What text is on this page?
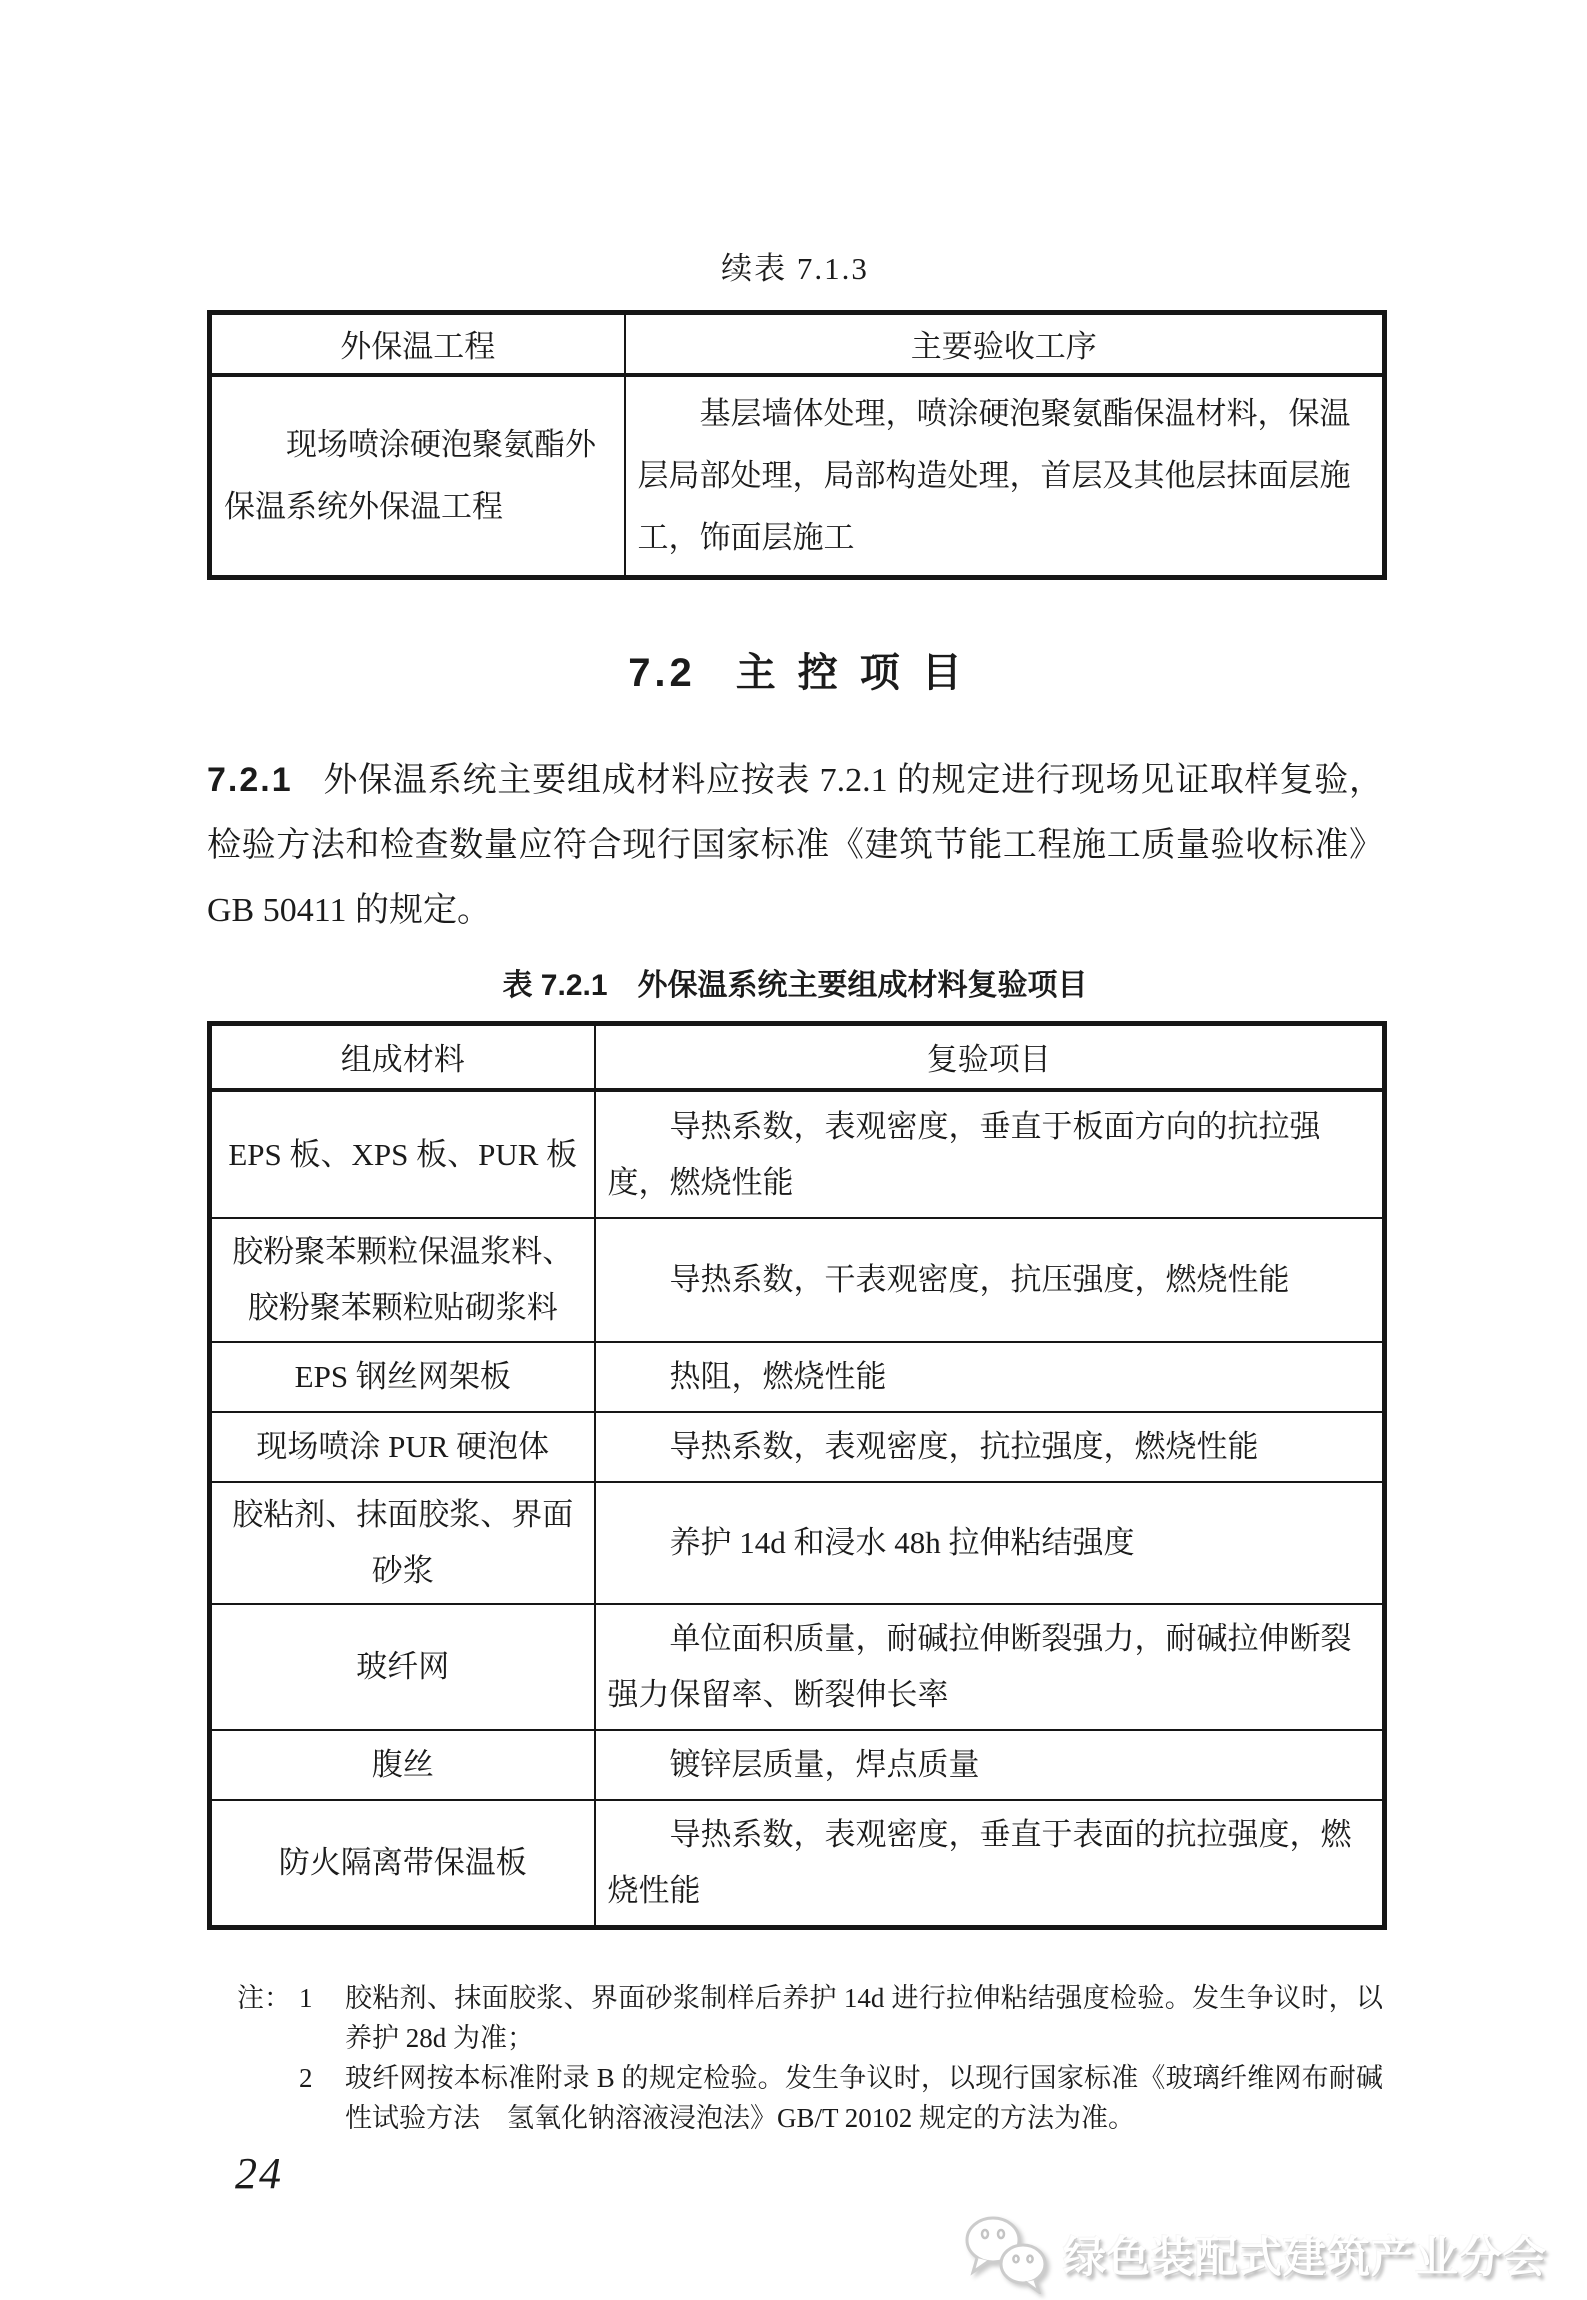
续表 7.1.3
外保温工程	主要验收工序
现场喷涂硬泡聚氨酯外保温系统外保温工程	基层墙体处理，喷涂硬泡聚氨酯保温材料，保温层局部处理，局部构造处理，首层及其他层抹面层施工，饰面层施工
7.2 主控项目

7.2.1 外保温系统主要组成材料应按表 7.2.1 的规定进行现场见证取样复验，检验方法和检查数量应符合现行国家标准《建筑节能工程施工质量验收标准》GB 50411 的规定。

表 7.2.1　外保温系统主要组成材料复验项目
组成材料	复验项目
EPS 板、XPS 板、PUR 板	导热系数，表观密度，垂直于板面方向的抗拉强度，燃烧性能
胶粉聚苯颗粒保温浆料、胶粉聚苯颗粒贴砌浆料	导热系数，干表观密度，抗压强度，燃烧性能
EPS 钢丝网架板	热阻，燃烧性能
现场喷涂 PUR 硬泡体	导热系数，表观密度，抗拉强度，燃烧性能
胶粘剂、抹面胶浆、界面砂浆	养护 14d 和浸水 48h 拉伸粘结强度
玻纤网	单位面积质量，耐碱拉伸断裂强力，耐碱拉伸断裂强力保留率、断裂伸长率
腹丝	镀锌层质量，焊点质量
防火隔离带保温板	导热系数，表观密度，垂直于表面的抗拉强度，燃烧性能
注： 1	胶粘剂、抹面胶浆、界面砂浆制样后养护 14d 进行拉伸粘结强度检验。发生争议时，以养护 28d 为准；
2	玻纤网按本标准附录 B 的规定检验。发生争议时，以现行国家标准《玻璃纤维网布耐碱性试验方法　氢氧化钠溶液浸泡法》GB/T 20102 规定的方法为准。
24
绿色装配式建筑产业分会
